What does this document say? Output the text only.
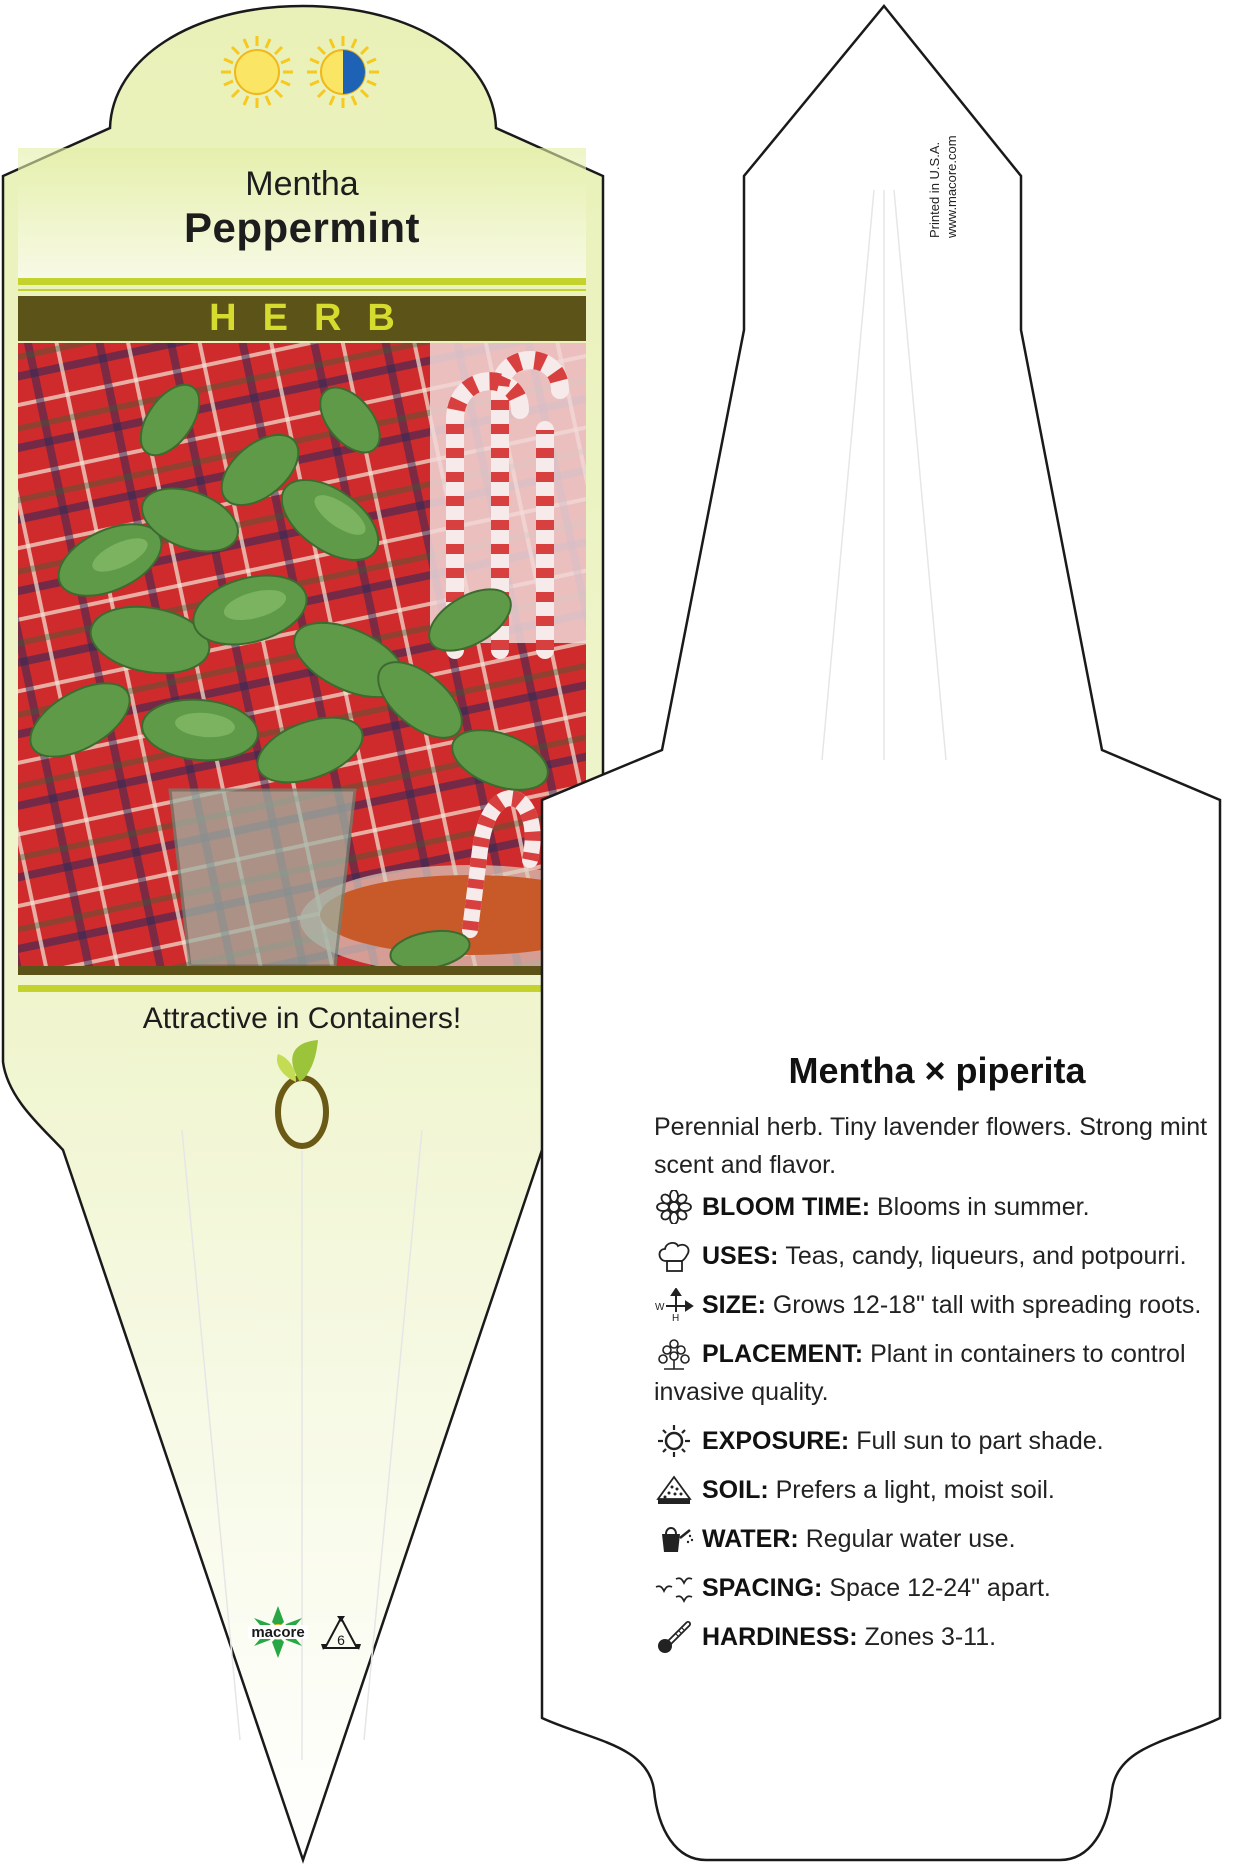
macore 6
Mentha
Peppermint
HERB
Attractive in Containers!
Printed in U.S.A. www.macore.com
Mentha × piperita
Perennial herb. Tiny lavender flowers. Strong mint scent and flavor.
BLOOM TIME: Blooms in summer.
USES: Teas, candy, liqueurs, and potpourri.
W
H SIZE: Grows 12-18" tall with spreading roots.
PLACEMENT: Plant in containers to control invasive quality.
EXPOSURE: Full sun to part shade.
SOIL: Prefers a light, moist soil.
WATER: Regular water use.
SPACING: Space 12-24" apart.
HARDINESS: Zones 3-11.
